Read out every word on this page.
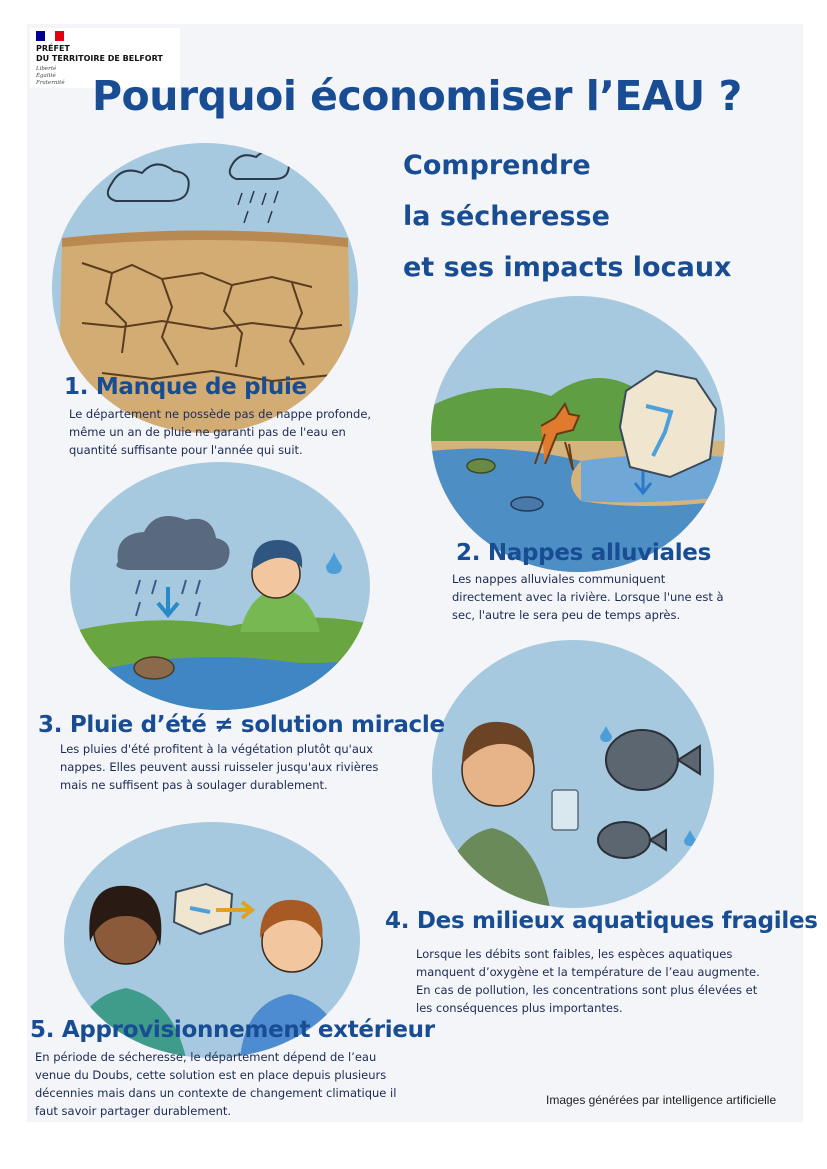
PRÉFET
DU TERRITOIRE DE BELFORT
Liberté
Égalité
Fraternité Pourquoi économiser l’EAU ?
Comprendre
la sécheresse
et ses impacts locaux
1. Manque de pluie
Le département ne possède pas de nappe profonde, même un an de pluie ne garanti pas de l'eau en quantité suffisante pour l'année qui suit.
2. Nappes alluviales
Les nappes alluviales communiquent directement avec la rivière. Lorsque l'une est à sec, l'autre le sera peu de temps après.
3. Pluie d’été ≠ solution miracle
Les pluies d'été profitent à la végétation plutôt qu'aux nappes. Elles peuvent aussi ruisseler jusqu'aux rivières mais ne suffisent pas à soulager durablement.
4. Des milieux aquatiques fragiles
Lorsque les débits sont faibles, les espèces aquatiques manquent d’oxygène et la température de l’eau augmente. En cas de pollution, les concentrations sont plus élevées et les conséquences plus importantes.
5. Approvisionnement extérieur
En période de sécheresse, le département dépend de l’eau venue du Doubs, cette solution est en place depuis plusieurs décennies mais dans un contexte de changement climatique il faut savoir partager durablement.
Images générées par intelligence artificielle
